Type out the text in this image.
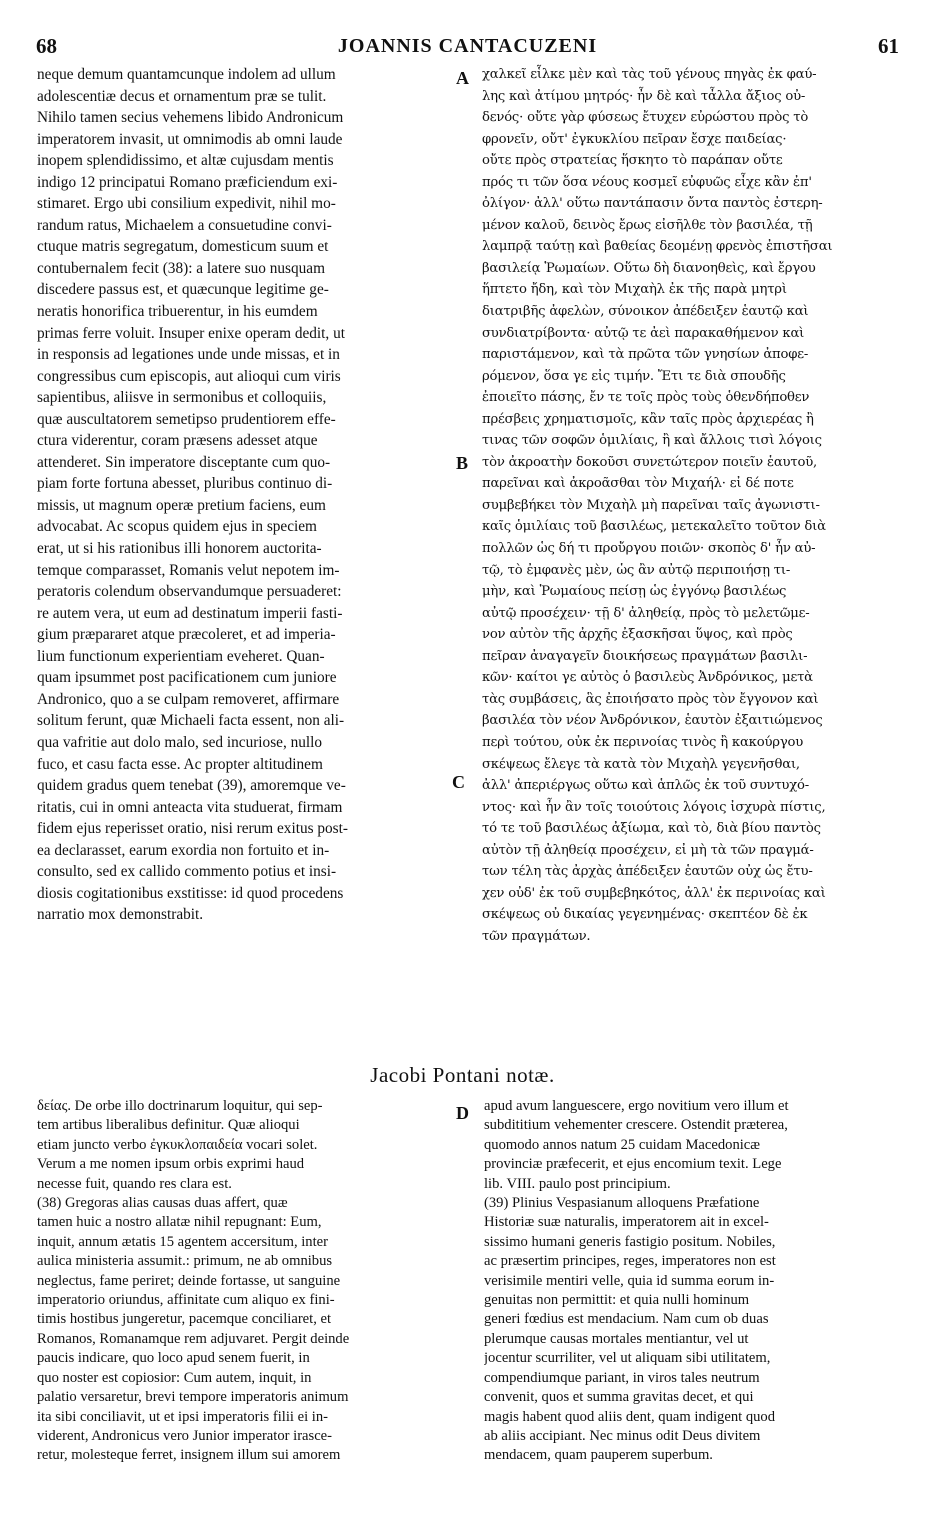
68	JOANNIS CANTACUZENI	61
neque demum quantamcunque indolem ad ullum
adolescentiæ decus et ornamentum præ se tulit.
Nihilo tamen secius vehemens libido Andronicum
imperatorem invasit, ut omnimodis ab omni laude
inopem splendidissimo, et altæ cujusdam mentis
indigo 12 principatui Romano præficiendum exi-
stimaret. Ergo ubi consilium expedivit, nihil mo-
randum ratus, Michaelem a consuetudine convi-
ctuque matris segregatum, domesticum suum et
contubernalem fecit (38): a latere suo nusquam
discedere passus est, et quæcunque legitime ge-
neratis honorifica tribuerentur, in his eumdem
primas ferre voluit. Insuper enixe operam dedit, ut
in responsis ad legationes unde unde missas, et in
congressibus cum episcopis, aut alioqui cum viris
sapientibus, aliisve in sermonibus et colloquiis,
quæ auscultatorem semetipso prudentiorem effe-
ctura viderentur, coram præsens adesset atque
attenderet. Sin imperatore disceptante cum quo-
piam forte fortuna abesset, pluribus continuo di-
missis, ut magnum operæ pretium faciens, eum
advocabat. Ac scopus quidem ejus in speciem
erat, ut si his rationibus illi honorem auctorita-
temque comparasset, Romanis velut nepotem im-
peratoris colendum observandumque persuaderet:
re autem vera, ut eum ad destinatum imperii fasti-
gium præpararet atque præcoleret, et ad imperia-
lium functionum experientiam eveheret. Quan-
quam ipsummet post pacificationem cum juniore
Andronico, quo a se culpam removeret, affirmare
solitum ferunt, quæ Michaeli facta essent, non ali-
qua vafritie aut dolo malo, sed incuriose, nullo
fuco, et casu facta esse. Ac propter altitudinem
quidem gradus quem tenebat (39), amoremque ve-
ritatis, cui in omni anteacta vita studuerat, firmam
fidem ejus reperisset oratio, nisi rerum exitus post-
ea declarasset, earum exordia non fortuito et in-
consulto, sed ex callido commento potius et insi-
diosis cogitationibus exstitisse: id quod procedens
narratio mox demonstrabit.
χαλκεῖ εἷλκε μὲν καὶ τὰς τοῦ γένους πηγὰς ἐκ φαύ-
λης καὶ ἀτίμου μητρός· ἦν δὲ καὶ τἆλλα ἄξιος οὐ-
δενός· οὔτε γὰρ φύσεως ἔτυχεν εὐρώστου πρὸς τὸ
φρονεῖν, οὔτ' ἐγκυκλίου πεῖραν ἔσχε παιδείας·
οὔτε πρὸς στρατείας ἥσκητο τὸ παράπαν οὔτε
πρός τι τῶν ὅσα νέους κοσμεῖ εὐφυῶς εἶχε κἂν ἐπ'
ὀλίγον· ἀλλ' οὕτω παντάπασιν ὄντα παντὸς ἐστερη-
μένον καλοῦ, δεινὸς ἔρως εἰσῆλθε τὸν βασιλέα, τῇ
λαμπρᾷ ταύτῃ καὶ βαθείας δεομένῃ φρενὸς ἐπιστῆσαι
βασιλείᾳ Ῥωμαίων. Οὕτω δὴ διανοηθεὶς, καὶ ἔργου
ἥπτετο ἤδη, καὶ τὸν Μιχαὴλ ἐκ τῆς παρὰ μητρὶ
διατριβῆς ἀφελὼν, σύνοικον ἀπέδειξεν ἑαυτῷ καὶ
συνδιατρίβοντα· αὐτῷ τε ἀεὶ παρακαθήμενον καὶ
παριστάμενον, καὶ τὰ πρῶτα τῶν γνησίων ἀποφε-
ρόμενον, ὅσα γε εἰς τιμήν. Ἔτι τε διὰ σπουδῆς
ἐποιεῖτο πάσης, ἔν τε τοῖς πρὸς τοὺς ὁθενδήποθεν
πρέσβεις χρηματισμοῖς, κἂν ταῖς πρὸς ἀρχιερέας ἢ
τινας τῶν σοφῶν ὁμιλίαις, ἢ καὶ ἄλλοις τισὶ λόγοις
τὸν ἀκροατὴν δοκοῦσι συνετώτερον ποιεῖν ἑαυτοῦ,
παρεῖναι καὶ ἀκροᾶσθαι τὸν Μιχαήλ· εἰ δέ ποτε
συμβεβήκει τὸν Μιχαὴλ μὴ παρεῖναι ταῖς ἀγωνιστι-
καῖς ὁμιλίαις τοῦ βασιλέως, μετεκαλεῖτο τοῦτον διὰ
πολλῶν ὡς δή τι προὔργου ποιῶν· σκοπὸς δ' ἦν αὐ-
τῷ, τὸ ἐμφανὲς μὲν, ὡς ἂν αὐτῷ περιποιήσῃ τι-
μὴν, καὶ Ῥωμαίους πείσῃ ὡς ἐγγόνῳ βασιλέως
αὐτῷ προσέχειν· τῇ δ' ἀληθείᾳ, πρὸς τὸ μελετῶμε-
νον αὐτὸν τῆς ἀρχῆς ἐξασκῆσαι ὕψος, καὶ πρὸς
πεῖραν ἀναγαγεῖν διοικήσεως πραγμάτων βασιλι-
κῶν· καίτοι γε αὐτὸς ὁ βασιλεὺς Ἀνδρόνικος, μετὰ
τὰς συμβάσεις, ἃς ἐποιήσατο πρὸς τὸν ἔγγονον καὶ
βασιλέα τὸν νέον Ἀνδρόνικον, ἑαυτὸν ἐξαιτιώμενος
περὶ τούτου, οὐκ ἐκ περινοίας τινὸς ἢ κακούργου
σκέψεως ἔλεγε τὰ κατὰ τὸν Μιχαὴλ γεγενῆσθαι,
ἀλλ' ἀπεριέργως οὕτω καὶ ἁπλῶς ἐκ τοῦ συντυχό-
ντος· καὶ ἦν ἂν τοῖς τοιούτοις λόγοις ἰσχυρὰ πίστις,
τό τε τοῦ βασιλέως ἀξίωμα, καὶ τὸ, διὰ βίου παντὸς
αὐτὸν τῇ ἀληθείᾳ προσέχειν, εἰ μὴ τὰ τῶν πραγμά-
των τέλη τὰς ἀρχὰς ἀπέδειξεν ἑαυτῶν οὐχ ὡς ἔτυ-
χεν οὐδ' ἐκ τοῦ συμβεβηκότος, ἀλλ' ἐκ περινοίας καὶ
σκέψεως οὐ δικαίας γεγενημένας· σκεπτέον δὲ ἐκ
τῶν πραγμάτων.
A
B
C
D
Jacobi Pontani notæ.
δείας. De orbe illo doctrinarum loquitur, qui sep-
tem artibus liberalibus definitur. Quæ alioqui
etiam juncto verbo ἐγκυκλοπαιδεία vocari solet.
Verum a me nomen ipsum orbis exprimi haud
necesse fuit, quando res clara est.
(38) Gregoras alias causas duas affert, quæ
tamen huic a nostro allatæ nihil repugnant: Eum,
inquit, annum ætatis 15 agentem accersitum, inter
aulica ministeria assumit.: primum, ne ab omnibus
neglectus, fame periret; deinde fortasse, ut sanguine
imperatorio oriundus, affinitate cum aliquo ex fini-
timis hostibus jungeretur, pacemque conciliaret, et
Romanos, Romanamque rem adjuvaret. Pergit deinde
paucis indicare, quo loco apud senem fuerit, in
quo noster est copiosior: Cum autem, inquit, in
palatio versaretur, brevi tempore imperatoris animum
ita sibi conciliavit, ut et ipsi imperatoris filii ei in-
viderent, Andronicus vero Junior imperator irasce-
retur, molesteque ferret, insignem illum sui amorem
apud avum languescere, ergo novitium vero illum et
subdititium vehementer crescere. Ostendit præterea,
quomodo annos natum 25 cuidam Macedonicæ
provinciæ præfecerit, et ejus encomium texit. Lege
lib. VIII. paulo post principium.
(39) Plinius Vespasianum alloquens Præfatione
Historiæ suæ naturalis, imperatorem ait in excel-
sissimo humani generis fastigio positum. Nobiles,
ac præsertim principes, reges, imperatores non est
verisimile mentiri velle, quia id summa eorum in-
genuitas non permittit: et quia nulli hominum
generi fœdius est mendacium. Nam cum ob duas
plerumque causas mortales mentiantur, vel ut
jocentur scurriliter, vel ut aliquam sibi utilitatem,
compendiumque pariant, in viros tales neutrum
convenit, quos et summa gravitas decet, et qui
magis habent quod aliis dent, quam indigent quod
ab aliis accipiant. Nec minus odit Deus divitem
mendacem, quam pauperem superbum.
